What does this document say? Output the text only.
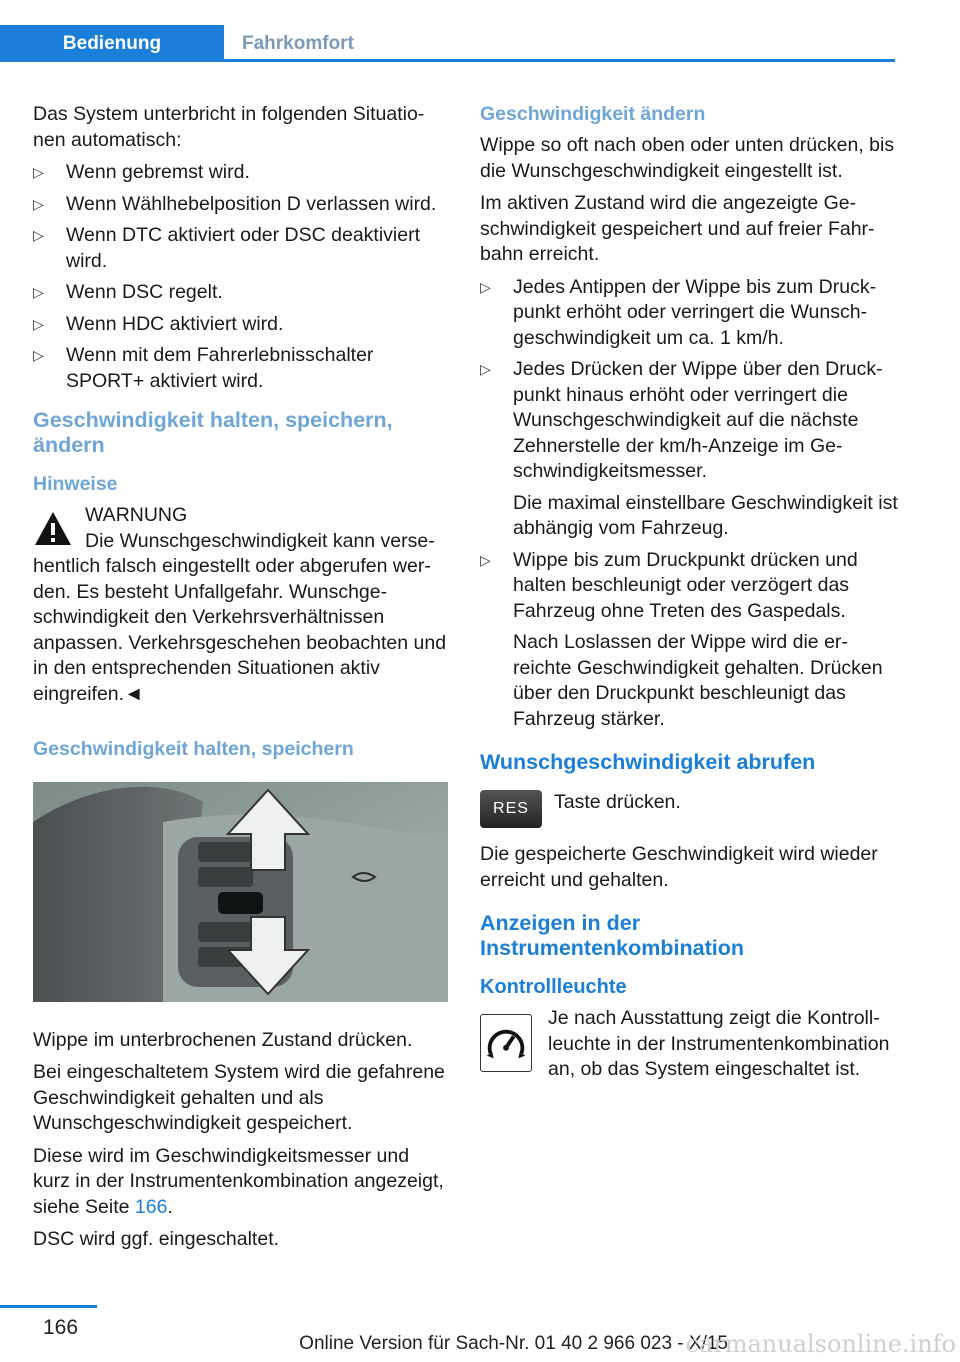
Bedienung	Fahrkomfort

Das System unterbricht in folgenden Situationen automatisch:

▷ Wenn gebremst wird.
▷ Wenn Wählhebelposition D verlassen wird.
▷ Wenn DTC aktiviert oder DSC deaktiviert wird.
▷ Wenn DSC regelt.
▷ Wenn HDC aktiviert wird.
▷ Wenn mit dem Fahrerlebnisschalter SPORT+ aktiviert wird.
Geschwindigkeit halten, speichern, ändern
Hinweise
WARNUNG
Die Wunschgeschwindigkeit kann versehentlich falsch eingestellt oder abgerufen werden. Es besteht Unfallgefahr. Wunschgeschwindigkeit den Verkehrsverhältnissen anpassen. Verkehrsgeschehen beobachten und in den entsprechenden Situationen aktiv eingreifen.◄
Geschwindigkeit halten, speichern

Wippe im unterbrochenen Zustand drücken.

Bei eingeschaltetem System wird die gefahrene Geschwindigkeit gehalten und als Wunschgeschwindigkeit gespeichert.

Diese wird im Geschwindigkeitsmesser und kurz in der Instrumentenkombination angezeigt, siehe Seite 166.

DSC wird ggf. eingeschaltet.

Geschwindigkeit ändern

Wippe so oft nach oben oder unten drücken, bis die Wunschgeschwindigkeit eingestellt ist.

Im aktiven Zustand wird die angezeigte Geschwindigkeit gespeichert und auf freier Fahrbahn erreicht.

▷ Jedes Antippen der Wippe bis zum Druckpunkt erhöht oder verringert die Wunschgeschwindigkeit um ca. 1 km/h.
▷ Jedes Drücken der Wippe über den Druckpunkt hinaus erhöht oder verringert die Wunschgeschwindigkeit auf die nächste Zehnerstelle der km/h-Anzeige im Geschwindigkeitsmesser.
Die maximal einstellbare Geschwindigkeit ist abhängig vom Fahrzeug.
▷ Wippe bis zum Druckpunkt drücken und halten beschleunigt oder verzögert das Fahrzeug ohne Treten des Gaspedals.
Nach Loslassen der Wippe wird die erreichte Geschwindigkeit gehalten. Drücken über den Druckpunkt beschleunigt das Fahrzeug stärker.
Wunschgeschwindigkeit abrufen
RES	Taste drücken.

Die gespeicherte Geschwindigkeit wird wieder erreicht und gehalten.

Anzeigen in der Instrumentenkombination
Kontrollleuchte
Je nach Ausstattung zeigt die Kontrollleuchte in der Instrumentenkombination an, ob das System eingeschaltet ist.
166
Online Version für Sach-Nr. 01 40 2 966 023 - X/15
carmanualsonline.info
